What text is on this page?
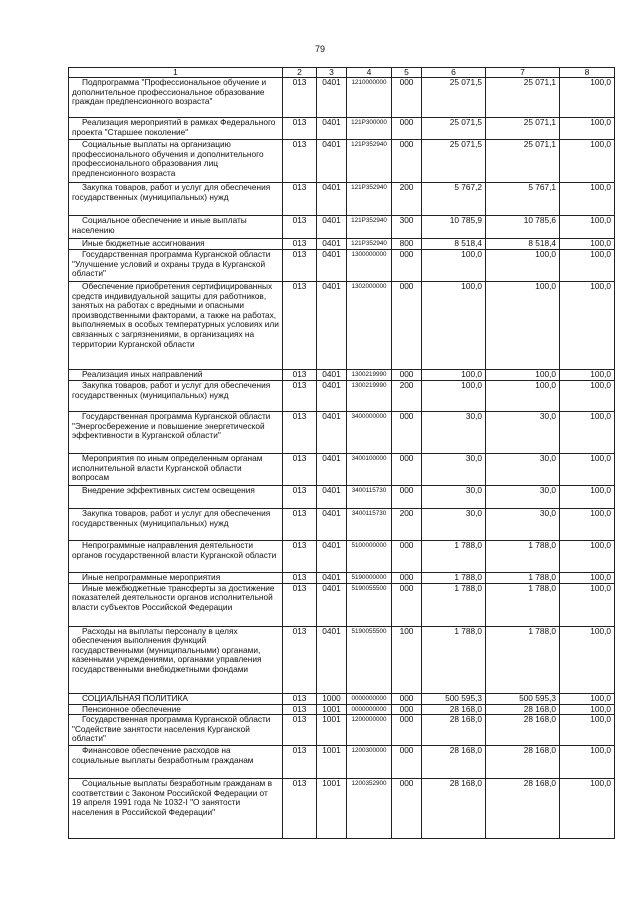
79
1	2	3	4	5	6	7	8
Подпрограмма "Профессиональное обучение и дополнительное профессиональное образование граждан предпенсионного возраста"	013	0401	1210000000	000	25 071,5	25 071,1	100,0
Реализация мероприятий в рамках Федерального проекта "Старшее поколение"	013	0401	121P300000	000	25 071,5	25 071,1	100,0
Социальные выплаты на организацию профессионального обучения и дополнительного профессионального образования лиц предпенсионного возраста	013	0401	121P352940	000	25 071,5	25 071,1	100,0
Закупка товаров, работ и услуг для обеспечения государственных (муниципальных) нужд	013	0401	121P352940	200	5 767,2	5 767,1	100,0
Социальное обеспечение и иные выплаты населению	013	0401	121P352940	300	10 785,9	10 785,6	100,0
Иные бюджетные ассигнования	013	0401	121P352940	800	8 518,4	8 518,4	100,0
Государственная программа Курганской области "Улучшение условий и охраны труда в Курганской области"	013	0401	1300000000	000	100,0	100,0	100,0
Обеспечение приобретения сертифицированных средств индивидуальной защиты для работников, занятых на работах с вредными и опасными производственными факторами, а также на работах, выполняемых в особых температурных условиях или связанных с загрязнениями, в организациях на территории Курганской области	013	0401	1302000000	000	100,0	100,0	100,0
Реализация иных направлений	013	0401	1300219990	000	100,0	100,0	100,0
Закупка товаров, работ и услуг для обеспечения государственных (муниципальных) нужд	013	0401	1300219990	200	100,0	100,0	100,0
Государственная программа Курганской области "Энергосбережение и повышение энергетической эффективности в Курганской области"	013	0401	3400000000	000	30,0	30,0	100,0
Мероприятия по иным определенным органам исполнительной власти Курганской области вопросам	013	0401	3400100000	000	30,0	30,0	100,0
Внедрение эффективных систем освещения	013	0401	3400115730	000	30,0	30,0	100,0
Закупка товаров, работ и услуг для обеспечения государственных (муниципальных) нужд	013	0401	3400115730	200	30,0	30,0	100,0
Непрограммные направления деятельности органов государственной власти Курганской области	013	0401	5100000000	000	1 788,0	1 788,0	100,0
Иные непрограммные мероприятия	013	0401	5190000000	000	1 788,0	1 788,0	100,0
Иные межбюджетные трансферты за достижение показателей деятельности органов исполнительной власти субъектов Российской Федерации	013	0401	5190055500	000	1 788,0	1 788,0	100,0
Расходы на выплаты персоналу в целях обеспечения выполнения функций государственными (муниципальными) органами, казенными учреждениями, органами управления государственными внебюджетными фондами	013	0401	5190055500	100	1 788,0	1 788,0	100,0
СОЦИАЛЬНАЯ ПОЛИТИКА	013	1000	0000000000	000	500 595,3	500 595,3	100,0
Пенсионное обеспечение	013	1001	0000000000	000	28 168,0	28 168,0	100,0
Государственная программа Курганской области "Содействие занятости населения Курганской области"	013	1001	1200000000	000	28 168,0	28 168,0	100,0
Финансовое обеспечение расходов на социальные выплаты безработным гражданам	013	1001	1200300000	000	28 168,0	28 168,0	100,0
Социальные выплаты безработным гражданам в соответствии с Законом Российской Федерации от 19 апреля 1991 года № 1032-I "О занятости населения в Российской Федерации"	013	1001	1200352900	000	28 168,0	28 168,0	100,0
